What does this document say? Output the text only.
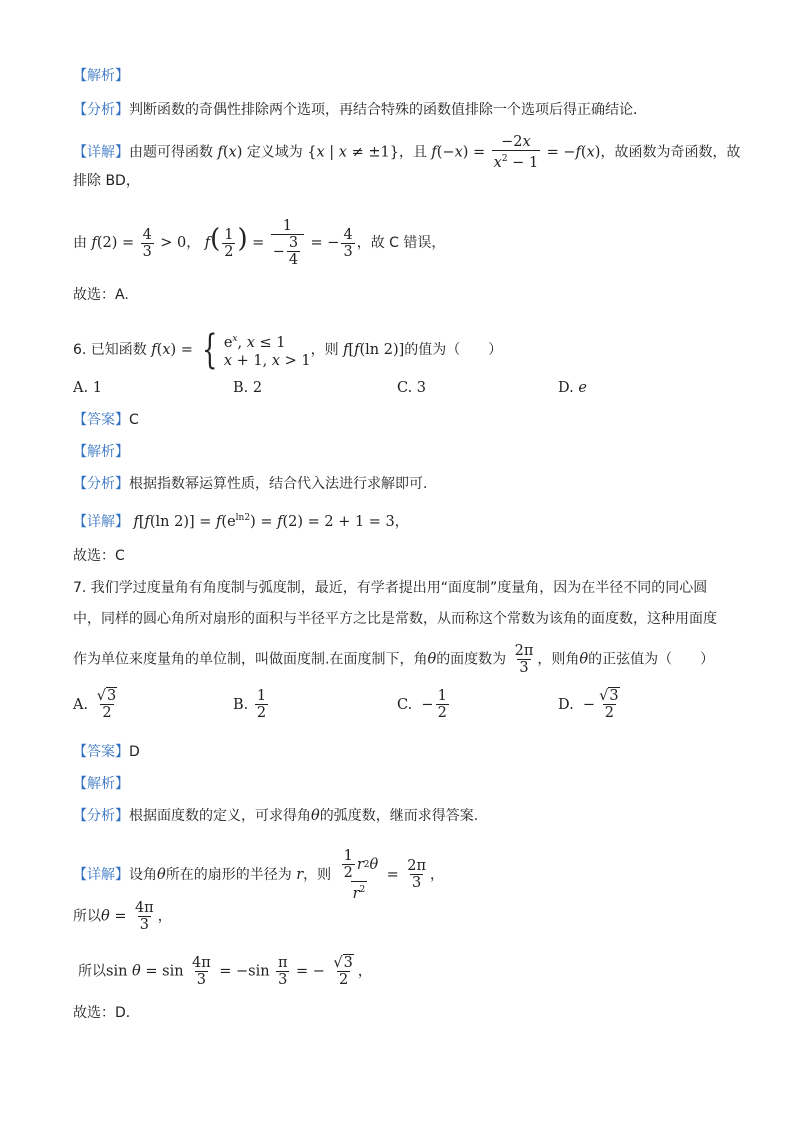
【解析】
【分析】判断函数的奇偶性排除两个选项，再结合特殊的函数值排除一个选项后得正确结论．
【详解】由题可得函数 f(x) 定义域为 {x | x ≠ ±1}，且 $f(-x) = \frac{-2x}{x^2 - 1} = -f(x)$，故函数为奇函数，故
排除 BD，
由 $f(2) = \frac{4}{3} > 0$， $f( \frac{1}{2}$ ) = $\frac{1}{- \frac{3}{4}}$ = − $\frac{4}{3}$ ，故 C 错误，
故选：A.
6. 已知函数 f(x) = { $e^x$, x ≤ 1
x + 1, x > 1
，则 f[f(ln 2)]的值为（　　）
A. 1	B. 2	C. 3	D. e
【答案】C
【解析】
【分析】根据指数幂运算性质，结合代入法进行求解即可.
【详解】 f[f(ln $2)] = f(e^{ln2}) = f(2) = 2 + 1 = 3$，
故选：C
7. 我们学过度量角有角度制与弧度制，最近，有学者提出用“面度制”度量角，因为在半径不同的同心圆
中，同样的圆心角所对扇形的面积与半径平方之比是常数，从而称这个常数为该角的面度数，这种用面度
作为单位来度量角的单位制，叫做面度制.在面度制下，角θ的面度数为 $\frac{2\pi}{3}$ ，则角θ的正弦值为（　　）
A.
$\frac{√3}{2}$	B.
$\frac{1}{2}$	C. − $\frac{1}{2}$	D. − $\frac{√3}{2}$
【答案】D
【解析】
【分析】根据面度数的定义，可求得角θ的弧度数，继而求得答案.
【详解】设角θ所在的扇形的半径为 r，则 $\frac{\frac{1}{2} r 2 \theta}{r^2} = \frac{2\pi}{3}$ ，
所以$\theta = \frac{4\pi}{3}$ ，
所以$\sin \theta = \sin \frac{4\pi}{3} = -\sin \frac{\pi}{3}$ = − $\frac{√3}{2}$ ，
故选：D．
